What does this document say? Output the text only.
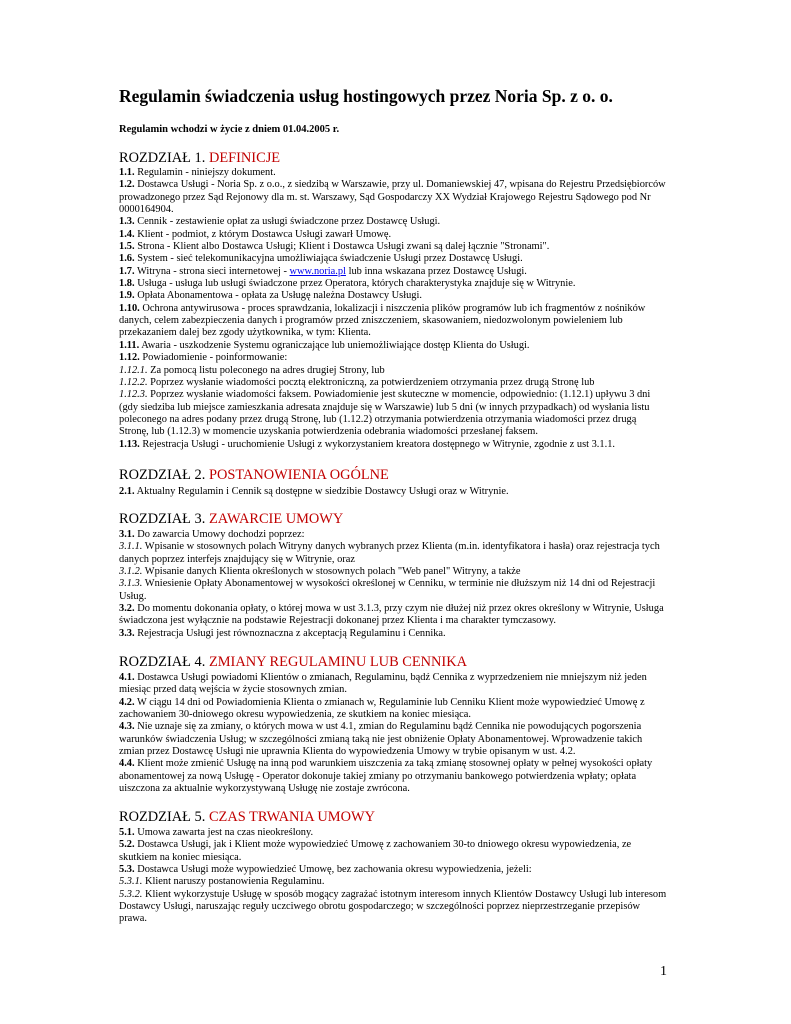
Regulamin świadczenia usług hostingowych przez Noria Sp. z o. o.
Regulamin wchodzi w życie z dniem 01.04.2005 r.
ROZDZIAŁ 1. DEFINICJE

1.1. Regulamin - niniejszy dokument.

1.2. Dostawca Usługi - Noria Sp. z o.o., z siedzibą w Warszawie, przy ul. Domaniewskiej 47, wpisana do Rejestru Przedsiębiorców prowadzonego przez Sąd Rejonowy dla m. st. Warszawy, Sąd Gospodarczy XX Wydział Krajowego Rejestru Sądowego pod Nr 0000164904.

1.3. Cennik - zestawienie opłat za usługi świadczone przez Dostawcę Usługi.

1.4. Klient - podmiot, z którym Dostawca Usługi zawarł Umowę.

1.5. Strona - Klient albo Dostawca Usługi; Klient i Dostawca Usługi zwani są dalej łącznie "Stronami".

1.6. System - sieć telekomunikacyjna umożliwiająca świadczenie Usługi przez Dostawcę Usługi.

1.7. Witryna - strona sieci internetowej - www.noria.pl lub inna wskazana przez Dostawcę Usługi.

1.8. Usługa - usługa lub usługi świadczone przez Operatora, których charakterystyka znajduje się w Witrynie.

1.9. Opłata Abonamentowa - opłata za Usługę należna Dostawcy Usługi.

1.10. Ochrona antywirusowa - proces sprawdzania, lokalizacji i niszczenia plików programów lub ich fragmentów z nośników danych, celem zabezpieczenia danych i programów przed zniszczeniem, skasowaniem, niedozwolonym powieleniem lub przekazaniem dalej bez zgody użytkownika, w tym: Klienta.

1.11. Awaria - uszkodzenie Systemu ograniczające lub uniemożliwiające dostęp Klienta do Usługi.

1.12. Powiadomienie - poinformowanie:

1.12.1. Za pomocą listu poleconego na adres drugiej Strony, lub

1.12.2. Poprzez wysłanie wiadomości pocztą elektroniczną, za potwierdzeniem otrzymania przez drugą Stronę lub

1.12.3. Poprzez wysłanie wiadomości faksem. Powiadomienie jest skuteczne w momencie, odpowiednio: (1.12.1) upływu 3 dni (gdy siedziba lub miejsce zamieszkania adresata znajduje się w Warszawie) lub 5 dni (w innych przypadkach) od wysłania listu poleconego na adres podany przez drugą Stronę, lub (1.12.2) otrzymania potwierdzenia otrzymania wiadomości przez drugą Stronę, lub (1.12.3) w momencie uzyskania potwierdzenia odebrania wiadomości przesłanej faksem.

1.13. Rejestracja Usługi - uruchomienie Usługi z wykorzystaniem kreatora dostępnego w Witrynie, zgodnie z ust 3.1.1.

ROZDZIAŁ 2. POSTANOWIENIA OGÓLNE

2.1. Aktualny Regulamin i Cennik są dostępne w siedzibie Dostawcy Usługi oraz w Witrynie.

ROZDZIAŁ 3. ZAWARCIE UMOWY

3.1. Do zawarcia Umowy dochodzi poprzez:

3.1.1. Wpisanie w stosownych polach Witryny danych wybranych przez Klienta (m.in. identyfikatora i hasła) oraz rejestracja tych danych poprzez interfejs znajdujący się w Witrynie, oraz

3.1.2. Wpisanie danych Klienta określonych w stosownych polach "Web panel" Witryny, a także

3.1.3. Wniesienie Opłaty Abonamentowej w wysokości określonej w Cenniku, w terminie nie dłuższym niż 14 dni od Rejestracji Usług.

3.2. Do momentu dokonania opłaty, o której mowa w ust 3.1.3, przy czym nie dłużej niż przez okres określony w Witrynie, Usługa świadczona jest wyłącznie na podstawie Rejestracji dokonanej przez Klienta i ma charakter tymczasowy.

3.3. Rejestracja Usługi jest równoznaczna z akceptacją Regulaminu i Cennika.

ROZDZIAŁ 4. ZMIANY REGULAMINU LUB CENNIKA

4.1. Dostawca Usługi powiadomi Klientów o zmianach, Regulaminu, bądź Cennika z wyprzedzeniem nie mniejszym niż jeden miesiąc przed datą wejścia w życie stosownych zmian.

4.2. W ciągu 14 dni od Powiadomienia Klienta o zmianach w, Regulaminie lub Cenniku Klient może wypowiedzieć Umowę z zachowaniem 30-dniowego okresu wypowiedzenia, ze skutkiem na koniec miesiąca.

4.3. Nie uznaje się za zmiany, o których mowa w ust 4.1, zmian do Regulaminu bądź Cennika nie powodujących pogorszenia warunków świadczenia Usług; w szczególności zmianą taką nie jest obniżenie Opłaty Abonamentowej. Wprowadzenie takich zmian przez Dostawcę Usługi nie uprawnia Klienta do wypowiedzenia Umowy w trybie opisanym w ust. 4.2.

4.4. Klient może zmienić Usługę na inną pod warunkiem uiszczenia za taką zmianę stosownej opłaty w pełnej wysokości opłaty abonamentowej za nową Usługę - Operator dokonuje takiej zmiany po otrzymaniu bankowego potwierdzenia wpłaty; opłata uiszczona za aktualnie wykorzystywaną Usługę nie zostaje zwrócona.

ROZDZIAŁ 5. CZAS TRWANIA UMOWY

5.1. Umowa zawarta jest na czas nieokreślony.

5.2. Dostawca Usługi, jak i Klient może wypowiedzieć Umowę z zachowaniem 30-to dniowego okresu wypowiedzenia, ze skutkiem na koniec miesiąca.

5.3. Dostawca Usługi może wypowiedzieć Umowę, bez zachowania okresu wypowiedzenia, jeżeli:

5.3.1. Klient naruszy postanowienia Regulaminu.

5.3.2. Klient wykorzystuje Usługę w sposób mogący zagrażać istotnym interesom innych Klientów Dostawcy Usługi lub interesom Dostawcy Usługi, naruszając reguły uczciwego obrotu gospodarczego; w szczególności poprzez nieprzestrzeganie przepisów prawa.

1
